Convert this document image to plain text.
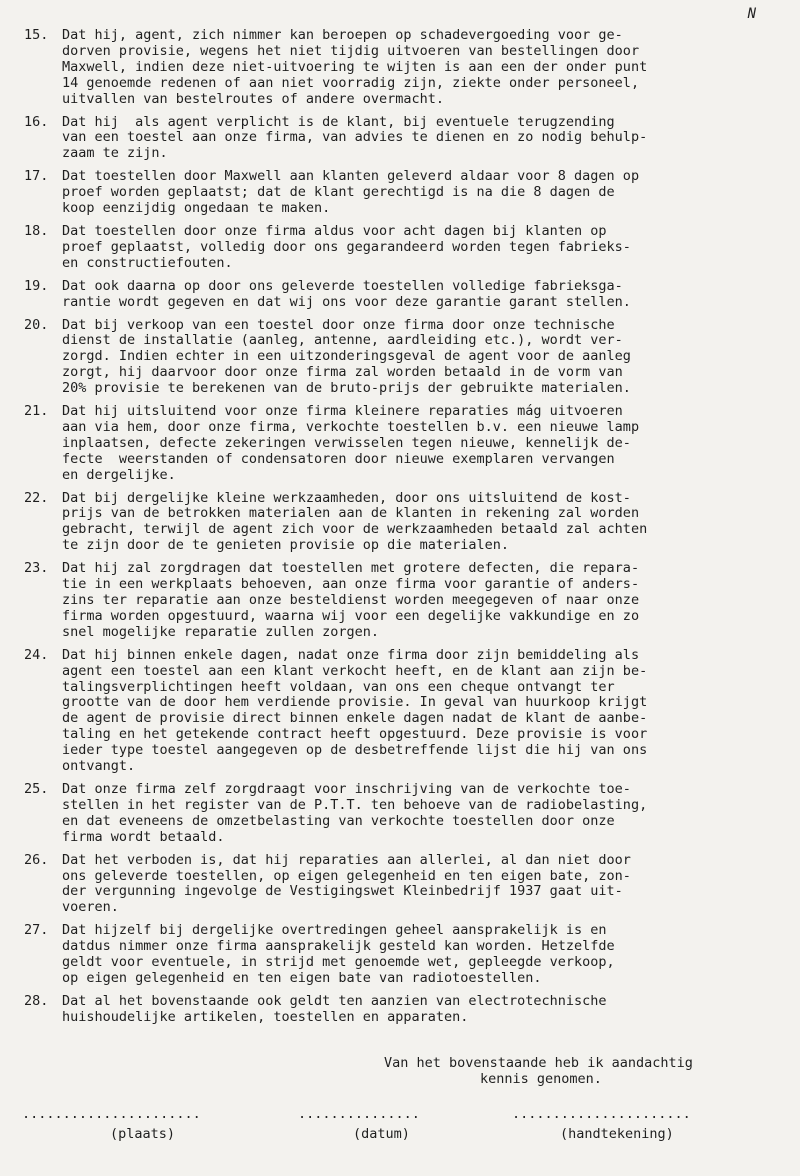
N
15.	Dat hij, agent, zich nimmer kan beroepen op schadevergoeding voor ge-
dorven provisie, wegens het niet tijdig uitvoeren van bestellingen door
Maxwell, indien deze niet-uitvoering te wijten is aan een der onder punt
14 genoemde redenen of aan niet voorradig zijn, ziekte onder personeel,
uitvallen van bestelroutes of andere overmacht.
16.	Dat hij  als agent verplicht is de klant, bij eventuele terugzending
van een toestel aan onze firma, van advies te dienen en zo nodig behulp-
zaam te zijn.
17.	Dat toestellen door Maxwell aan klanten geleverd aldaar voor 8 dagen op
proef worden geplaatst; dat de klant gerechtigd is na die 8 dagen de
koop eenzijdig ongedaan te maken.
18.	Dat toestellen door onze firma aldus voor acht dagen bij klanten op
proef geplaatst, volledig door ons gegarandeerd worden tegen fabrieks-
en constructiefouten.
19.	Dat ook daarna op door ons geleverde toestellen volledige fabrieksga-
rantie wordt gegeven en dat wij ons voor deze garantie garant stellen.
20.	Dat bij verkoop van een toestel door onze firma door onze technische
dienst de installatie (aanleg, antenne, aardleiding etc.), wordt ver-
zorgd. Indien echter in een uitzonderingsgeval de agent voor de aanleg
zorgt, hij daarvoor door onze firma zal worden betaald in de vorm van
20% provisie te berekenen van de bruto-prijs der gebruikte materialen.
21.	Dat hij uitsluitend voor onze firma kleinere reparaties mág uitvoeren
aan via hem, door onze firma, verkochte toestellen b.v. een nieuwe lamp
inplaatsen, defecte zekeringen verwisselen tegen nieuwe, kennelijk de-
fecte  weerstanden of condensatoren door nieuwe exemplaren vervangen
en dergelijke.
22.	Dat bij dergelijke kleine werkzaamheden, door ons uitsluitend de kost-
prijs van de betrokken materialen aan de klanten in rekening zal worden
gebracht, terwijl de agent zich voor de werkzaamheden betaald zal achten
te zijn door de te genieten provisie op die materialen.
23.	Dat hij zal zorgdragen dat toestellen met grotere defecten, die repara-
tie in een werkplaats behoeven, aan onze firma voor garantie of anders-
zins ter reparatie aan onze besteldienst worden meegegeven of naar onze
firma worden opgestuurd, waarna wij voor een degelijke vakkundige en zo
snel mogelijke reparatie zullen zorgen.
24.	Dat hij binnen enkele dagen, nadat onze firma door zijn bemiddeling als
agent een toestel aan een klant verkocht heeft, en de klant aan zijn be-
talingsverplichtingen heeft voldaan, van ons een cheque ontvangt ter
grootte van de door hem verdiende provisie. In geval van huurkoop krijgt
de agent de provisie direct binnen enkele dagen nadat de klant de aanbe-
taling en het getekende contract heeft opgestuurd. Deze provisie is voor
ieder type toestel aangegeven op de desbetreffende lijst die hij van ons
ontvangt.
25.	Dat onze firma zelf zorgdraagt voor inschrijving van de verkochte toe-
stellen in het register van de P.T.T. ten behoeve van de radiobelasting,
en dat eveneens de omzetbelasting van verkochte toestellen door onze
firma wordt betaald.
26.	Dat het verboden is, dat hij reparaties aan allerlei, al dan niet door
ons geleverde toestellen, op eigen gelegenheid en ten eigen bate, zon-
der vergunning ingevolge de Vestigingswet Kleinbedrijf 1937 gaat uit-
voeren.
27.	Dat hijzelf bij dergelijke overtredingen geheel aansprakelijk is en
datdus nimmer onze firma aansprakelijk gesteld kan worden. Hetzelfde
geldt voor eventuele, in strijd met genoemde wet, gepleegde verkoop,
op eigen gelegenheid en ten eigen bate van radiotoestellen.
28.	Dat al het bovenstaande ook geldt ten aanzien van electrotechnische
huishoudelijke artikelen, toestellen en apparaten.
Van het bovenstaande heb ik aandachtig
kennis genomen.
......................	...............	......................
(plaats)	(datum)	(handtekening)
